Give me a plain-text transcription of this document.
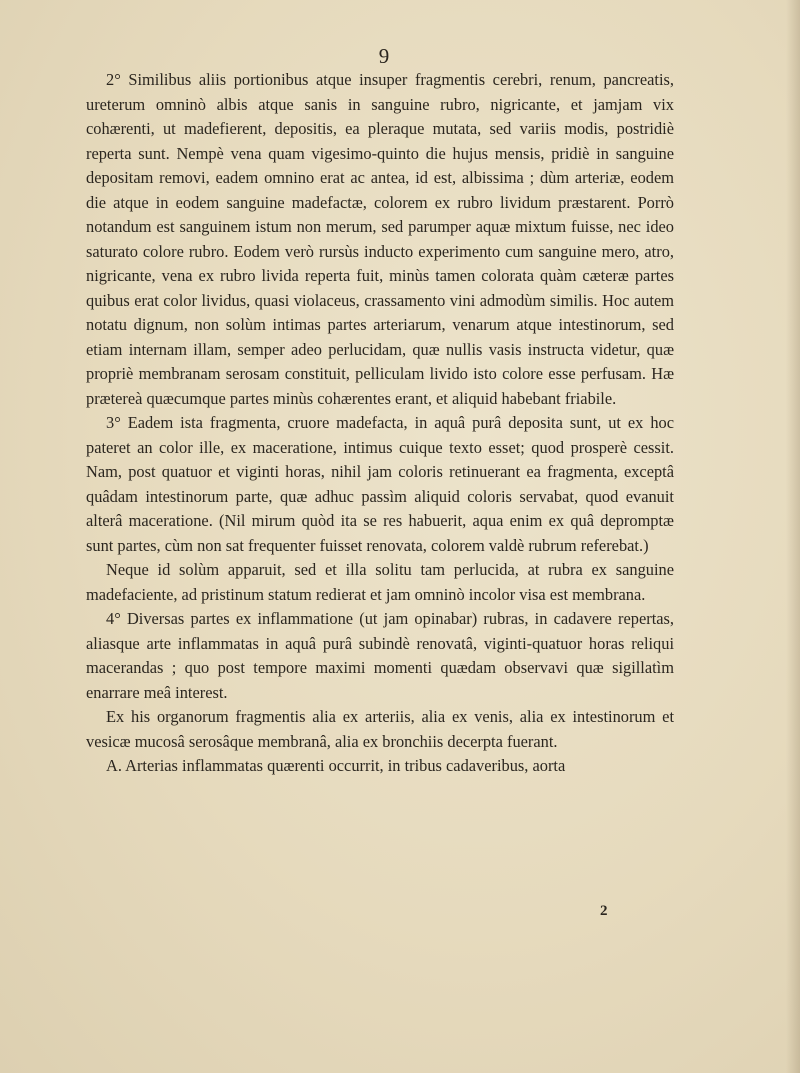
9

2° Similibus aliis portionibus atque insuper fragmentis cerebri, renum, pancreatis, ureterum omninò albis atque sanis in sanguine rubro, nigricante, et jamjam vix cohærenti, ut madefierent, depositis, ea pleraque mutata, sed variis modis, postridiè reperta sunt. Nempè vena quam vigesimo-quinto die hujus mensis, pridiè in sanguine depositam removi, eadem omnino erat ac antea, id est, albissima ; dùm arteriæ, eodem die atque in eodem sanguine madefactæ, colorem ex rubro lividum præstarent. Porrò notandum est sanguinem istum non merum, sed parumper aquæ mixtum fuisse, nec ideo saturato colore rubro. Eodem verò rursùs inducto experimento cum sanguine mero, atro, nigricante, vena ex rubro livida reperta fuit, minùs tamen colorata quàm cæteræ partes quibus erat color lividus, quasi violaceus, crassamento vini admodùm similis. Hoc autem notatu dignum, non solùm intimas partes arteriarum, venarum atque intestinorum, sed etiam internam illam, semper adeo perlucidam, quæ nullis vasis instructa videtur, quæ propriè membranam serosam constituit, pelliculam livido isto colore esse perfusam. Hæ prætereà quæcumque partes minùs cohærentes erant, et aliquid habebant friabile.

3° Eadem ista fragmenta, cruore madefacta, in aquâ purâ deposita sunt, ut ex hoc pateret an color ille, ex maceratione, intimus cuique texto esset; quod prosperè cessit. Nam, post quatuor et viginti horas, nihil jam coloris retinuerant ea fragmenta, exceptâ quâdam intestinorum parte, quæ adhuc passìm aliquid coloris servabat, quod evanuit alterâ maceratione. (Nil mirum quòd ita se res habuerit, aqua enim ex quâ depromptæ sunt partes, cùm non sat frequenter fuisset renovata, colorem valdè rubrum referebat.)

Neque id solùm apparuit, sed et illa solitu tam perlucida, at rubra ex sanguine madefaciente, ad pristinum statum redierat et jam omninò incolor visa est membrana.

4° Diversas partes ex inflammatione (ut jam opinabar) rubras, in cadavere repertas, aliasque arte inflammatas in aquâ purâ subindè renovatâ, viginti-quatuor horas reliqui macerandas ; quo post tempore maximi momenti quædam observavi quæ sigillatìm enarrare meâ interest.

Ex his organorum fragmentis alia ex arteriis, alia ex venis, alia ex intestinorum et vesicæ mucosâ serosâque membranâ, alia ex bronchiis decerpta fuerant.

A. Arterias inflammatas quærenti occurrit, in tribus cadaveribus, aorta

2
